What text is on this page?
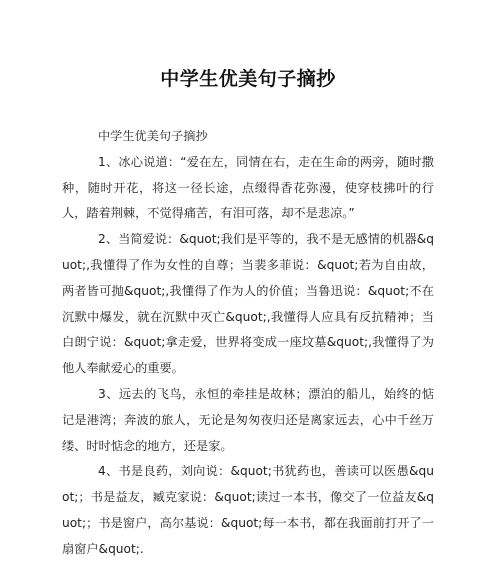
中学生优美句子摘抄

中学生优美句子摘抄

1、冰心说道：“爱在左，同情在右，走在生命的两旁，随时撒种，随时开花，将这一径长途，点缀得香花弥漫，使穿枝拂叶的行人，踏着荆棘，不觉得痛苦，有泪可落，却不是悲凉。”

2、当简爱说：&quot;我们是平等的，我不是无感情的机器&quot;,我懂得了作为女性的自尊；当裴多菲说：&quot;若为自由故，两者皆可抛&quot;,我懂得了作为人的价值；当鲁迅说：&quot;不在沉默中爆发，就在沉默中灭亡&quot;,我懂得人应具有反抗精神；当白朗宁说：&quot;拿走爱，世界将变成一座坟墓&quot;,我懂得了为他人奉献爱心的重要。

3、远去的飞鸟，永恒的牵挂是故林；漂泊的船儿，始终的惦记是港湾；奔波的旅人，无论是匆匆夜归还是离家远去，心中千丝万缕、时时惦念的地方，还是家。

4、书是良药，刘向说：&quot;书犹药也，善读可以医愚&quot;；书是益友，臧克家说：&quot;读过一本书，像交了一位益友&quot;；书是窗户，高尔基说：&quot;每一本书，都在我面前打开了一扇窗户&quot;.
